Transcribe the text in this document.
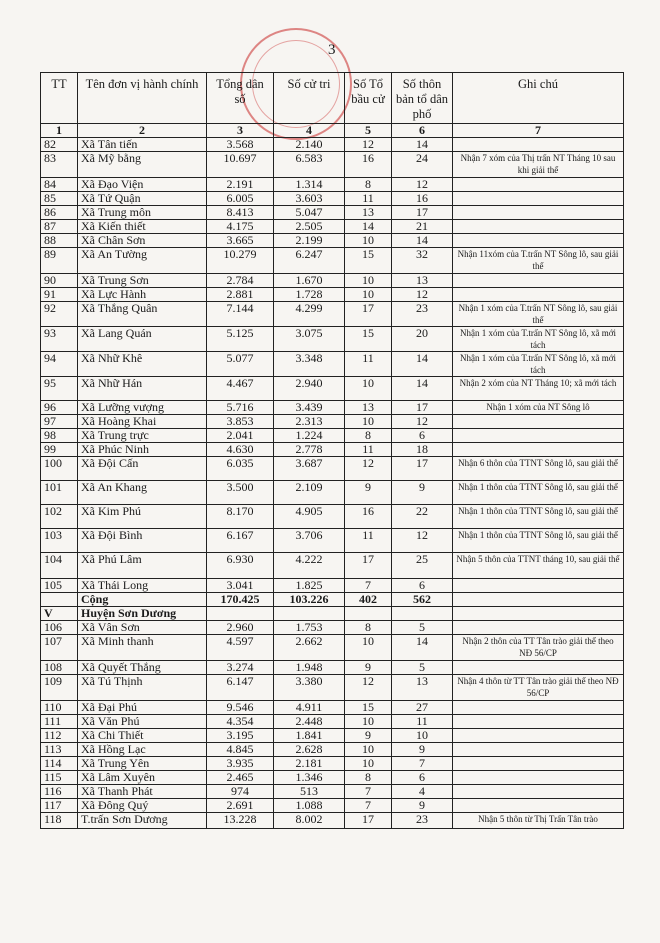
3
TT	Tên đơn vị hành chính	Tổng dân số	Số cử tri	Số Tổ bầu cử	Số thôn bản tổ dân phố	Ghi chú
1	2	3	4	5	6	7
82	Xã Tân tiến	3.568	2.140	12	14	
83	Xã Mỹ bằng	10.697	6.583	16	24	Nhận 7 xóm của Thị trấn NT Tháng 10 sau khi giải thể
84	Xã Đạo Viện	2.191	1.314	8	12	
85	Xã Tứ Quận	6.005	3.603	11	16	
86	Xã Trung môn	8.413	5.047	13	17	
87	Xã Kiến thiết	4.175	2.505	14	21	
88	Xã Chân Sơn	3.665	2.199	10	14	
89	Xã An Tường	10.279	6.247	15	32	Nhận 11xóm của T.trấn NT Sông lô, sau giải thể
90	Xã Trung Sơn	2.784	1.670	10	13	
91	Xã Lực Hành	2.881	1.728	10	12	
92	Xã Thắng Quân	7.144	4.299	17	23	Nhận 1 xóm của T.trấn NT Sông lô, sau giải thể
93	Xã Lang Quán	5.125	3.075	15	20	Nhận 1 xóm của T.trấn NT Sông lô, xã mới tách
94	Xã Nhữ Khê	5.077	3.348	11	14	Nhận 1 xóm của T.trấn NT Sông lô, xã mới tách
95	Xã Nhữ Hán	4.467	2.940	10	14	Nhận 2 xóm của NT Tháng 10; xã mới tách
96	Xã Lưỡng vượng	5.716	3.439	13	17	Nhận 1 xóm của NT Sông lô
97	Xã Hoàng Khai	3.853	2.313	10	12	
98	Xã Trung trực	2.041	1.224	8	6	
99	Xã Phúc Ninh	4.630	2.778	11	18	
100	Xã Đội Cấn	6.035	3.687	12	17	Nhận 6 thôn của TTNT Sông lô, sau giải thể
101	Xã An Khang	3.500	2.109	9	9	Nhận 1 thôn của TTNT Sông lô, sau giải thể
102	Xã Kim Phú	8.170	4.905	16	22	Nhận 1 thôn của TTNT Sông lô, sau giải thể
103	Xã Đội Bình	6.167	3.706	11	12	Nhận 1 thôn của TTNT Sông lô, sau giải thể
104	Xã Phú Lâm	6.930	4.222	17	25	Nhận 5 thôn của TTNT tháng 10, sau giải thể
105	Xã Thái Long	3.041	1.825	7	6	
	Cộng	170.425	103.226	402	562	
V	Huyện Sơn Dương					
106	Xã Vân Sơn	2.960	1.753	8	5	
107	Xã Minh thanh	4.597	2.662	10	14	Nhận 2 thôn của TT Tân trào giải thể theo NĐ 56/CP
108	Xã Quyết Thắng	3.274	1.948	9	5	
109	Xã Tú Thịnh	6.147	3.380	12	13	Nhận 4 thôn từ TT Tân trào giải thể theo NĐ 56/CP
110	Xã Đại Phú	9.546	4.911	15	27	
111	Xã Văn Phú	4.354	2.448	10	11	
112	Xã Chi Thiết	3.195	1.841	9	10	
113	Xã Hồng Lạc	4.845	2.628	10	9	
114	Xã Trung Yên	3.935	2.181	10	7	
115	Xã Lâm Xuyên	2.465	1.346	8	6	
116	Xã Thanh Phát	974	513	7	4	
117	Xã Đông Quý	2.691	1.088	7	9	
118	T.trấn Sơn Dương	13.228	8.002	17	23	Nhận 5 thôn từ Thị Trấn Tân trào
